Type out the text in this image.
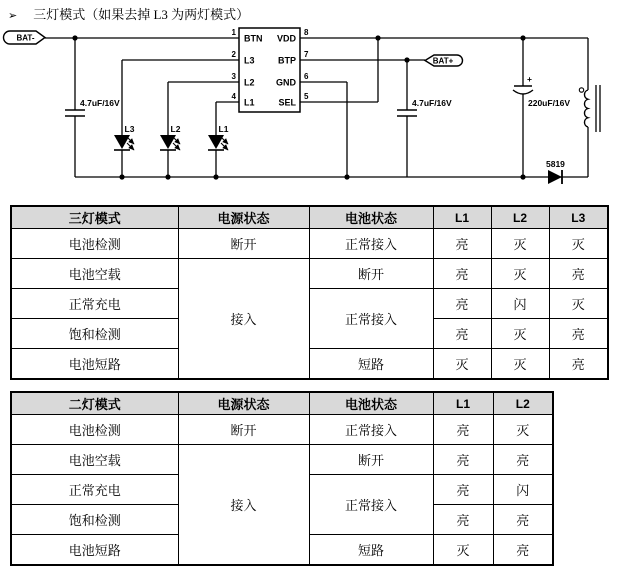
➢ 三灯模式（如果去掉 L3 为两灯模式）
BAT-
BAT+
1
2
3
4
8
7
6
5
BTN
L3
L2
L1
VDD
BTP
GND
SEL
4.7uF/16V	4.7uF/16V	220uF/16V
+
L3	L2	L1
5819
三灯模式	电源状态	电池状态	L1	L2	L3
电池检测	断开	正常接入	亮	灭	灭
电池空载	接入	断开	亮	灭	亮
正常充电		正常接入	亮	闪	灭
饱和检测			亮	灭	亮
电池短路		短路	灭	灭	亮
二灯模式	电源状态	电池状态	L1	L2
电池检测	断开	正常接入	亮	灭
电池空载	接入	断开	亮	亮
正常充电		正常接入	亮	闪
饱和检测			亮	亮
电池短路		短路	灭	亮
